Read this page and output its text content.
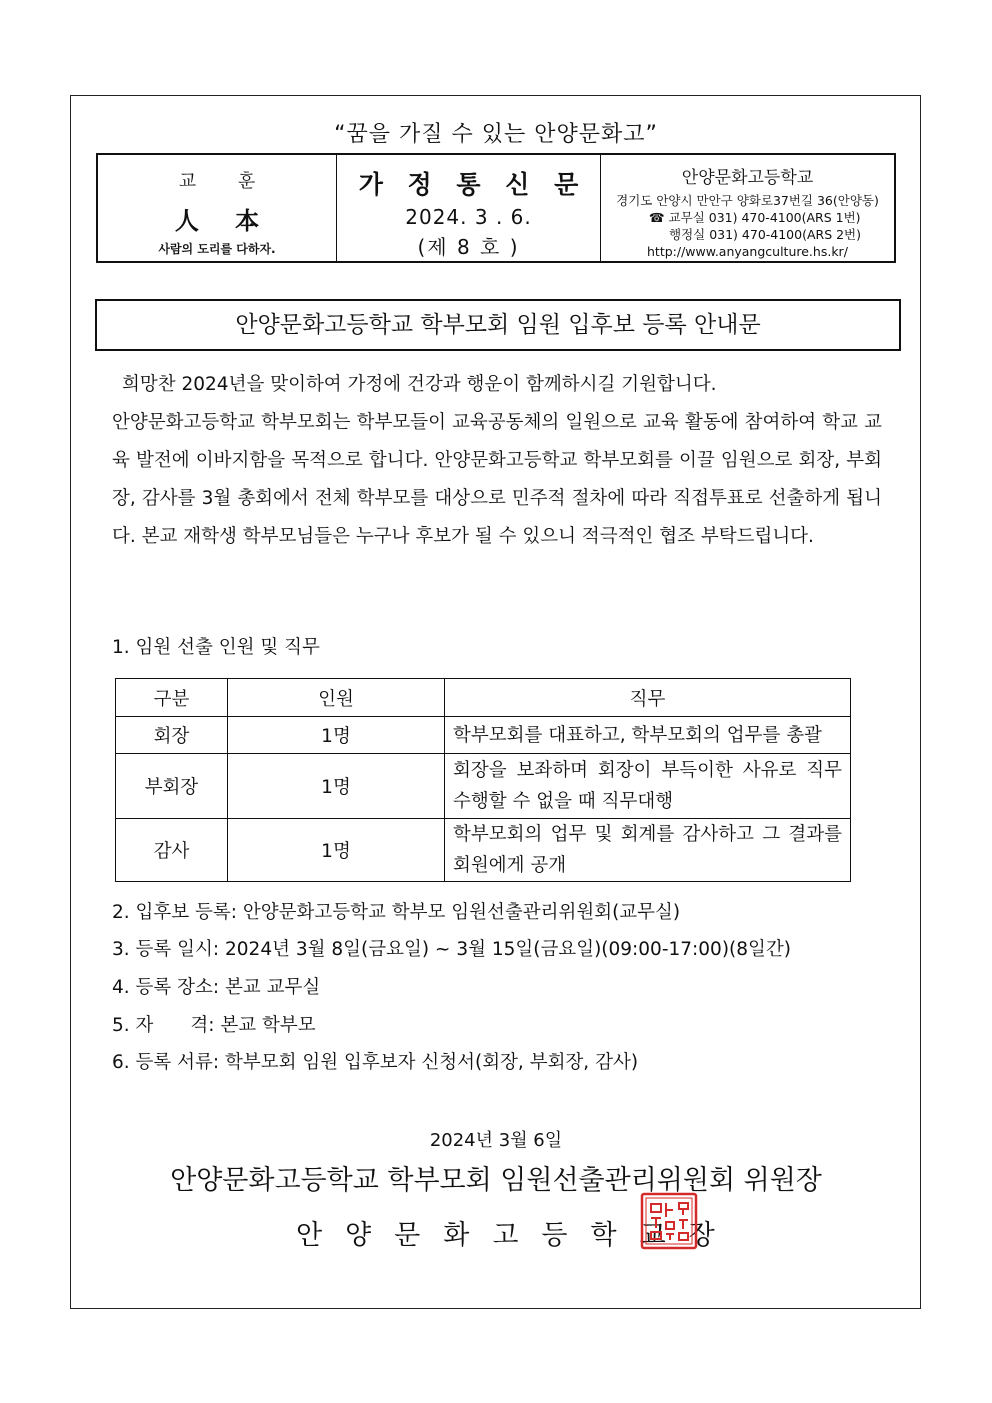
“꿈을 가질 수 있는 안양문화고”
교 훈
人 本
사람의 도리를 다하자.
가 정 통 신 문
2024. 3 . 6.
(제 8 호 )
안양문화고등학교
경기도 안양시 만안구 양화로37번길 36(안양동)
☎ 교무실 031) 470-4100(ARS 1번)
행정실 031) 470-4100(ARS 2번)
http://www.anyangculture.hs.kr/
안양문화고등학교 학부모회 임원 입후보 등록 안내문
희망찬 2024년을 맞이하여 가정에 건강과 행운이 함께하시길 기원합니다.
안양문화고등학교 학부모회는 학부모들이 교육공동체의 일원으로 교육 활동에 참여하여 학교 교육 발전에 이바지함을 목적으로 합니다. 안양문화고등학교 학부모회를 이끌 임원으로 회장, 부회장, 감사를 3월 총회에서 전체 학부모를 대상으로 민주적 절차에 따라 직접투표로 선출하게 됩니다. 본교 재학생 학부모님들은 누구나 후보가 될 수 있으니 적극적인 협조 부탁드립니다.
1. 임원 선출 인원 및 직무
구분	인원	직무
회장	1명	학부모회를 대표하고, 학부모회의 업무를 총괄
부회장	1명	회장을 보좌하며 회장이 부득이한 사유로 직무 수행할 수 없을 때 직무대행
감사	1명	학부모회의 업무 및 회계를 감사하고 그 결과를 회원에게 공개
2. 입후보 등록: 안양문화고등학교 학부모 임원선출관리위원회(교무실)
3. 등록 일시: 2024년 3월 8일(금요일) ~ 3월 15일(금요일)(09:00-17:00)(8일간)
4. 등록 장소: 본교 교무실
5. 자　　격: 본교 학부모
6. 등록 서류: 학부모회 임원 입후보자 신청서(회장, 부회장, 감사)
2024년 3월 6일
안양문화고등학교 학부모회 임원선출관리위원회 위원장
안양문화고등학교장
